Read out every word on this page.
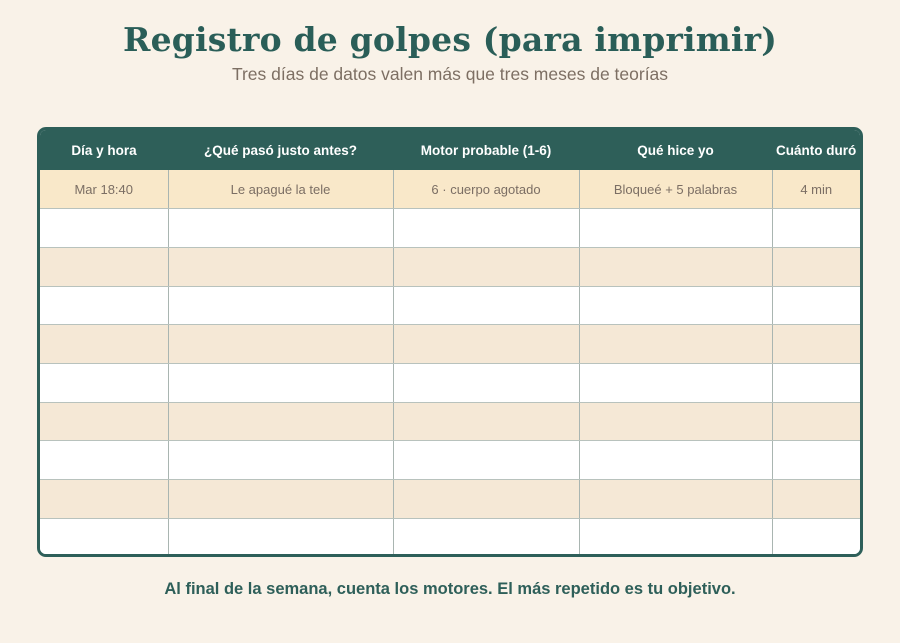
Registro de golpes (para imprimir)

Tres días de datos valen más que tres meses de teorías

Día y hora	¿Qué pasó justo antes?	Motor probable (1-6)	Qué hice yo	Cuánto duró
Mar 18:40	Le apagué la tele	6 · cuerpo agotado	Bloqueé + 5 palabras	4 min

Al final de la semana, cuenta los motores. El más repetido es tu objetivo.
